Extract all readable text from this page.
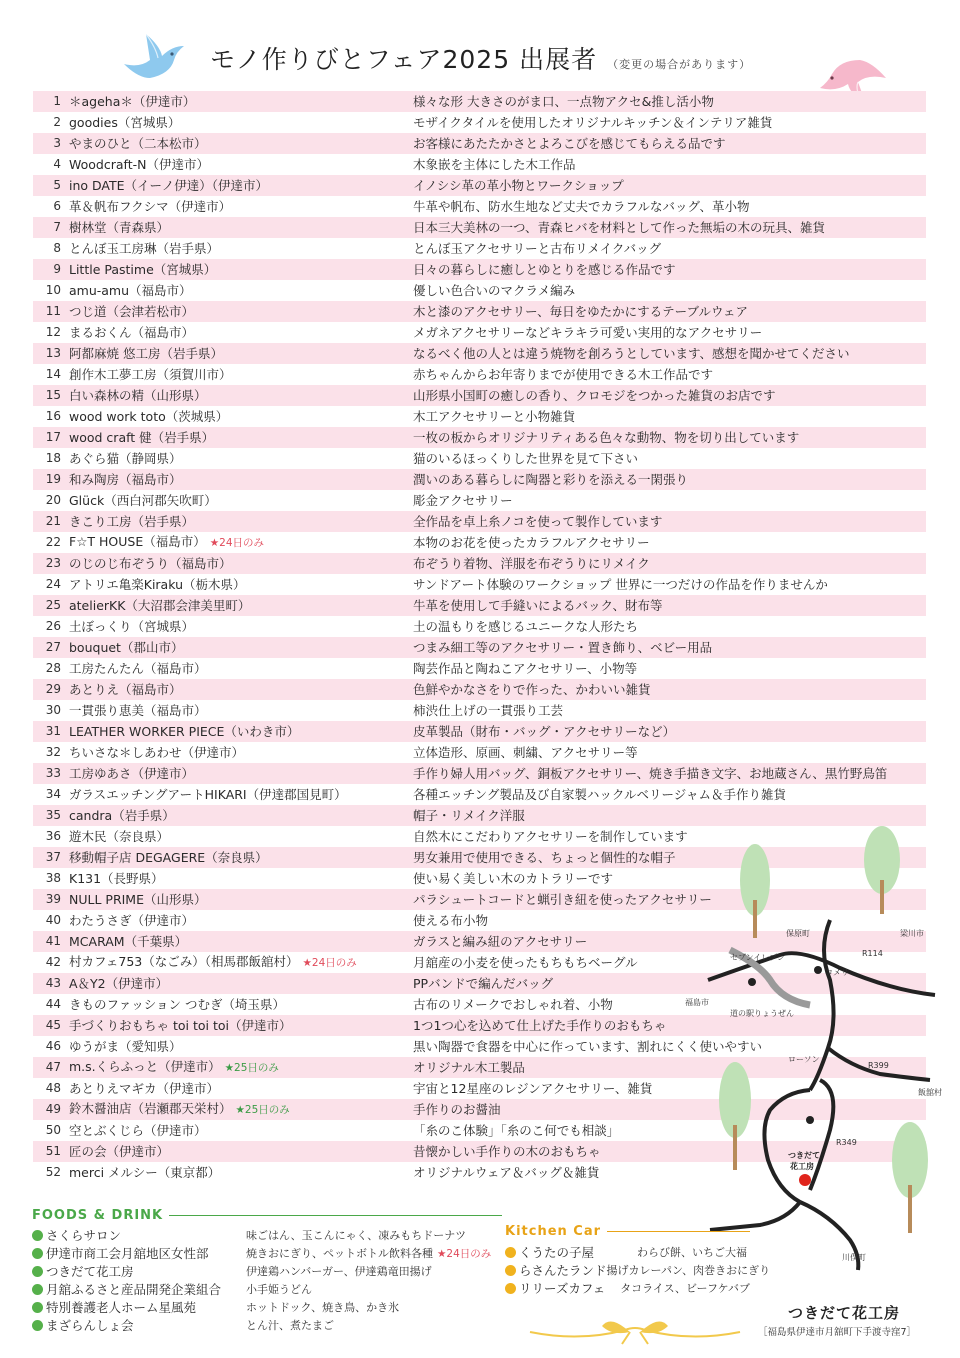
モノ作りびとフェア2025 出展者 （変更の場合があります）
1 ＊ageha＊（伊達市）	様々な形 大きさのがま口、一点物アクセ&推し活小物
2 goodies（宮城県）	モザイクタイルを使用したオリジナルキッチン＆インテリア雑貨
3 やまのひと（二本松市）	お客様にあたたかさとよろこびを感じてもらえる品です
4 Woodcraft-N（伊達市）	木象嵌を主体にした木工作品
5 ino DATE（イーノ伊達）（伊達市）	イノシシ革の革小物とワークショップ
6 革＆帆布フクシマ（伊達市）	牛革や帆布、防水生地など丈夫でカラフルなバッグ、革小物
7 樹林堂（青森県）	日本三大美林の一つ、青森ヒバを材料として作った無垢の木の玩具、雑貨
8 とんぼ玉工房琳（岩手県）	とんぼ玉アクセサリーと古布リメイクバッグ
9 Little Pastime（宮城県）	日々の暮らしに癒しとゆとりを感じる作品です
10 amu-amu（福島市）	優しい色合いのマクラメ編み
11 つじ道（会津若松市）	木と漆のアクセサリー、毎日をゆたかにするテーブルウェア
12 まるおくん（福島市）	メガネアクセサリーなどキラキラ可愛い実用的なアクセサリー
13 阿都麻焼 悠工房（岩手県）	なるべく他の人とは違う焼物を創ろうとしています、感想を聞かせてください
14 創作木工夢工房（須賀川市）	赤ちゃんからお年寄りまでが使用できる木工作品です
15 白い森林の精（山形県）	山形県小国町の癒しの香り、クロモジをつかった雑貨のお店です
16 wood work toto（茨城県）	木工アクセサリーと小物雑貨
17 wood craft 健（岩手県）	一枚の板からオリジナリティある色々な動物、物を切り出しています
18 あぐら猫（静岡県）	猫のいるほっくりした世界を見て下さい
19 和み陶房（福島市）	潤いのある暮らしに陶器と彩りを添える一閑張り
20 Glück（西白河郡矢吹町）	彫金アクセサリー
21 きこり工房（岩手県）	全作品を卓上糸ノコを使って製作しています
22 F☆T HOUSE（福島市） ★24日のみ	本物のお花を使ったカラフルアクセサリー
23 のじのじ布ぞうり（福島市）	布ぞうり着物、洋服を布ぞうりにリメイク
24 アトリエ亀楽Kiraku（栃木県）	サンドアート体験のワークショップ 世界に一つだけの作品を作りませんか
25 atelierKK（大沼郡会津美里町）	牛革を使用して手縫いによるバック、財布等
26 土ぼっくり（宮城県）	土の温もりを感じるユニークな人形たち
27 bouquet（郡山市）	つまみ細工等のアクセサリー・置き飾り、ベビー用品
28 工房たんたん（福島市）	陶芸作品と陶ねこアクセサリー、小物等
29 あとりえ（福島市）	色鮮やかなさをりで作った、かわいい雑貨
30 一貫張り恵美（福島市）	柿渋仕上げの一貫張り工芸
31 LEATHER WORKER PIECE（いわき市）	皮革製品（財布・バッグ・アクセサリーなど）
32 ちいさな＊しあわせ（伊達市）	立体造形、原画、刺繍、アクセサリー等
33 工房ゆあさ（伊達市）	手作り婦人用バッグ、銅板アクセサリー、焼き手描き文字、お地蔵さん、黒竹野鳥笛
34 ガラスエッチングアートHIKARI（伊達郡国見町）	各種エッチング製品及び自家製ハックルベリージャム＆手作り雑貨
35 candra（岩手県）	帽子・リメイク洋服
36 遊木民（奈良県）	自然木にこだわりアクセサリーを制作しています
37 移動帽子店 DEGAGERE（奈良県）	男女兼用で使用できる、ちょっと個性的な帽子
38 K131（長野県）	使い易く美しい木のカトラリーです
39 NULL PRIME（山形県）	パラシュートコードと蝋引き紐を使ったアクセサリー
40 わたうさぎ（伊達市）	使える布小物
41 MCARAM（千葉県）	ガラスと編み紐のアクセサリー
42 村カフェ753（なごみ）（相馬郡飯舘村） ★24日のみ	月舘産の小麦を使ったもちもちベーグル
43 A＆Y2（伊達市）	PPバンドで編んだバッグ
44 きものファッション つむぎ（埼玉県）	古布のリメークでおしゃれ着、小物
45 手づくりおもちゃ toi toi toi（伊達市）	1つ1つ心を込めて仕上げた手作りのおもちゃ
46 ゆうがま（愛知県）	黒い陶器で食器を中心に作っています、割れにくく使いやすい
47 m.s.くらふっと（伊達市） ★25日のみ	オリジナル木工製品
48 あとりえマギカ（伊達市）	宇宙と12星座のレジンアクセサリー、雑貨
49 鈴木醤油店（岩瀬郡天栄村） ★25日のみ	手作りのお醤油
50 空とぶくじら（伊達市）	「糸のこ体験」「糸のこ何でも相談」
51 匠の会（伊達市）	昔懐かしい手作りの木のおもちゃ
52 merci メルシー（東京都）	オリジナルウェア＆バッグ＆雑貨
保原町	梁川市
R114
セブンイレブン
コメリ
福島市
道の駅りょうぜん
ローソン
R399
飯舘村
R349
つきだて
花工房
川俣町
FOODS & DRINK
さくらサロン	味ごはん、玉こんにゃく、凍みもちドーナツ
伊達市商工会月舘地区女性部	焼きおにぎり、ペットボトル飲料各種 ★24日のみ
つきだて花工房	伊達鶏ハンバーガー、伊達鶏竜田揚げ
月舘ふるさと産品開発企業組合	小手姫うどん
特別養護老人ホーム星風苑	ホットドック、焼き鳥、かき氷
まざらんしょ会	とん汁、煮たまご
Kitchen Car
くうたの子屋	わらび餅、いちご大福
らさんたランド 揚げカレーパン、肉巻きおにぎり
リリーズカフェ	タコライス、ビーフケバブ
つきだて花工房
［福島県伊達市月舘町下手渡寺窪7］
